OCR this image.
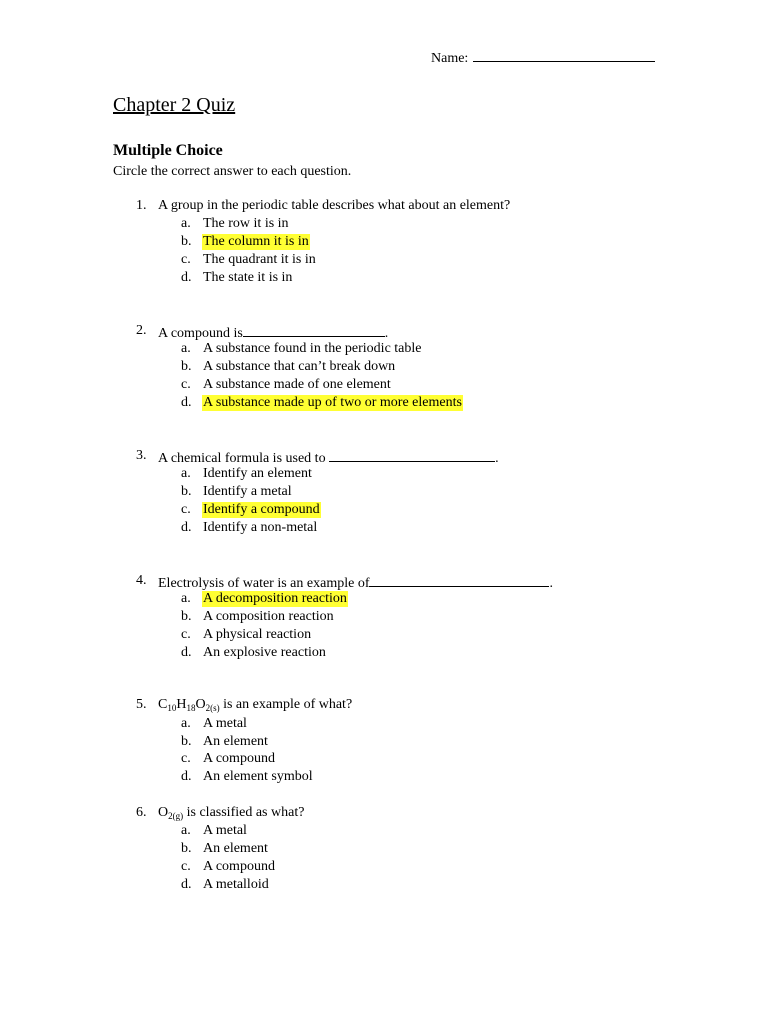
Name:
Chapter 2 Quiz
Multiple Choice
Circle the correct answer to each question.
1. A group in the periodic table describes what about an element?
a. The row it is in
b. The column it is in
c. The quadrant it is in
d. The state it is in
2. A compound is	.
a. A substance found in the periodic table
b. A substance that can’t break down
c. A substance made of one element
d. A substance made up of two or more elements
3. A chemical formula is used to	.
a. Identify an element
b. Identify a metal
c. Identify a compound
d. Identify a non-metal
4. Electrolysis of water is an example of	.
a. A decomposition reaction
b. A composition reaction
c. A physical reaction
d. An explosive reaction
5. $C_{10}H_{18}O_{2(s)}$ is an example of what?
a. A metal
b. An element
c. A compound
d. An element symbol
6. $O_{2(g)}$ is classified as what?
a. A metal
b. An element
c. A compound
d. A metalloid
